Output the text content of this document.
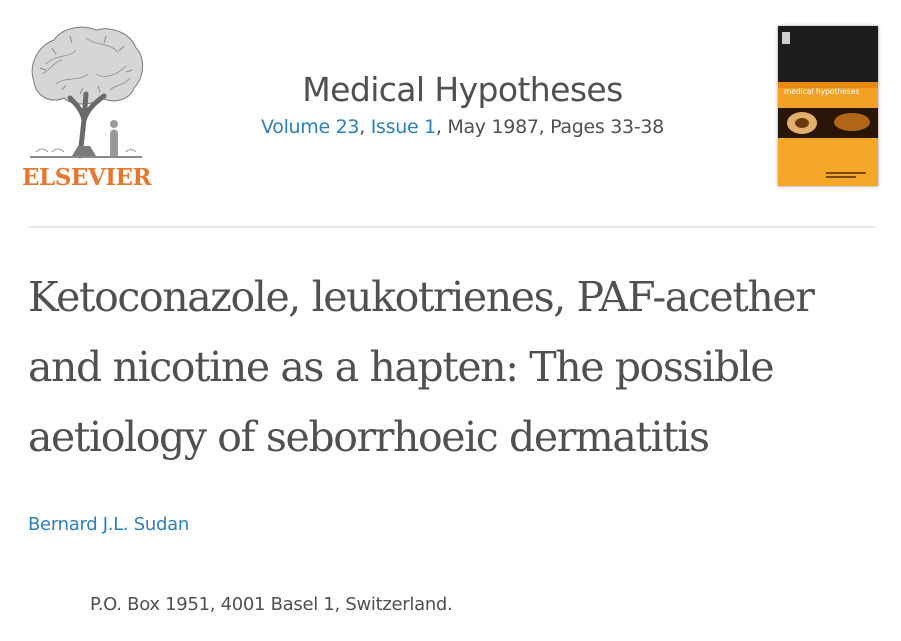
ELSEVIER
Medical Hypotheses
Volume 23, Issue 1, May 1987, Pages 33-38
medical hypotheses
Ketoconazole, leukotrienes, PAF-acether and nicotine as a hapten: The possible aetiology of seborrhoeic dermatitis
Bernard J.L. Sudan
P.O. Box 1951, 4001 Basel 1, Switzerland.
